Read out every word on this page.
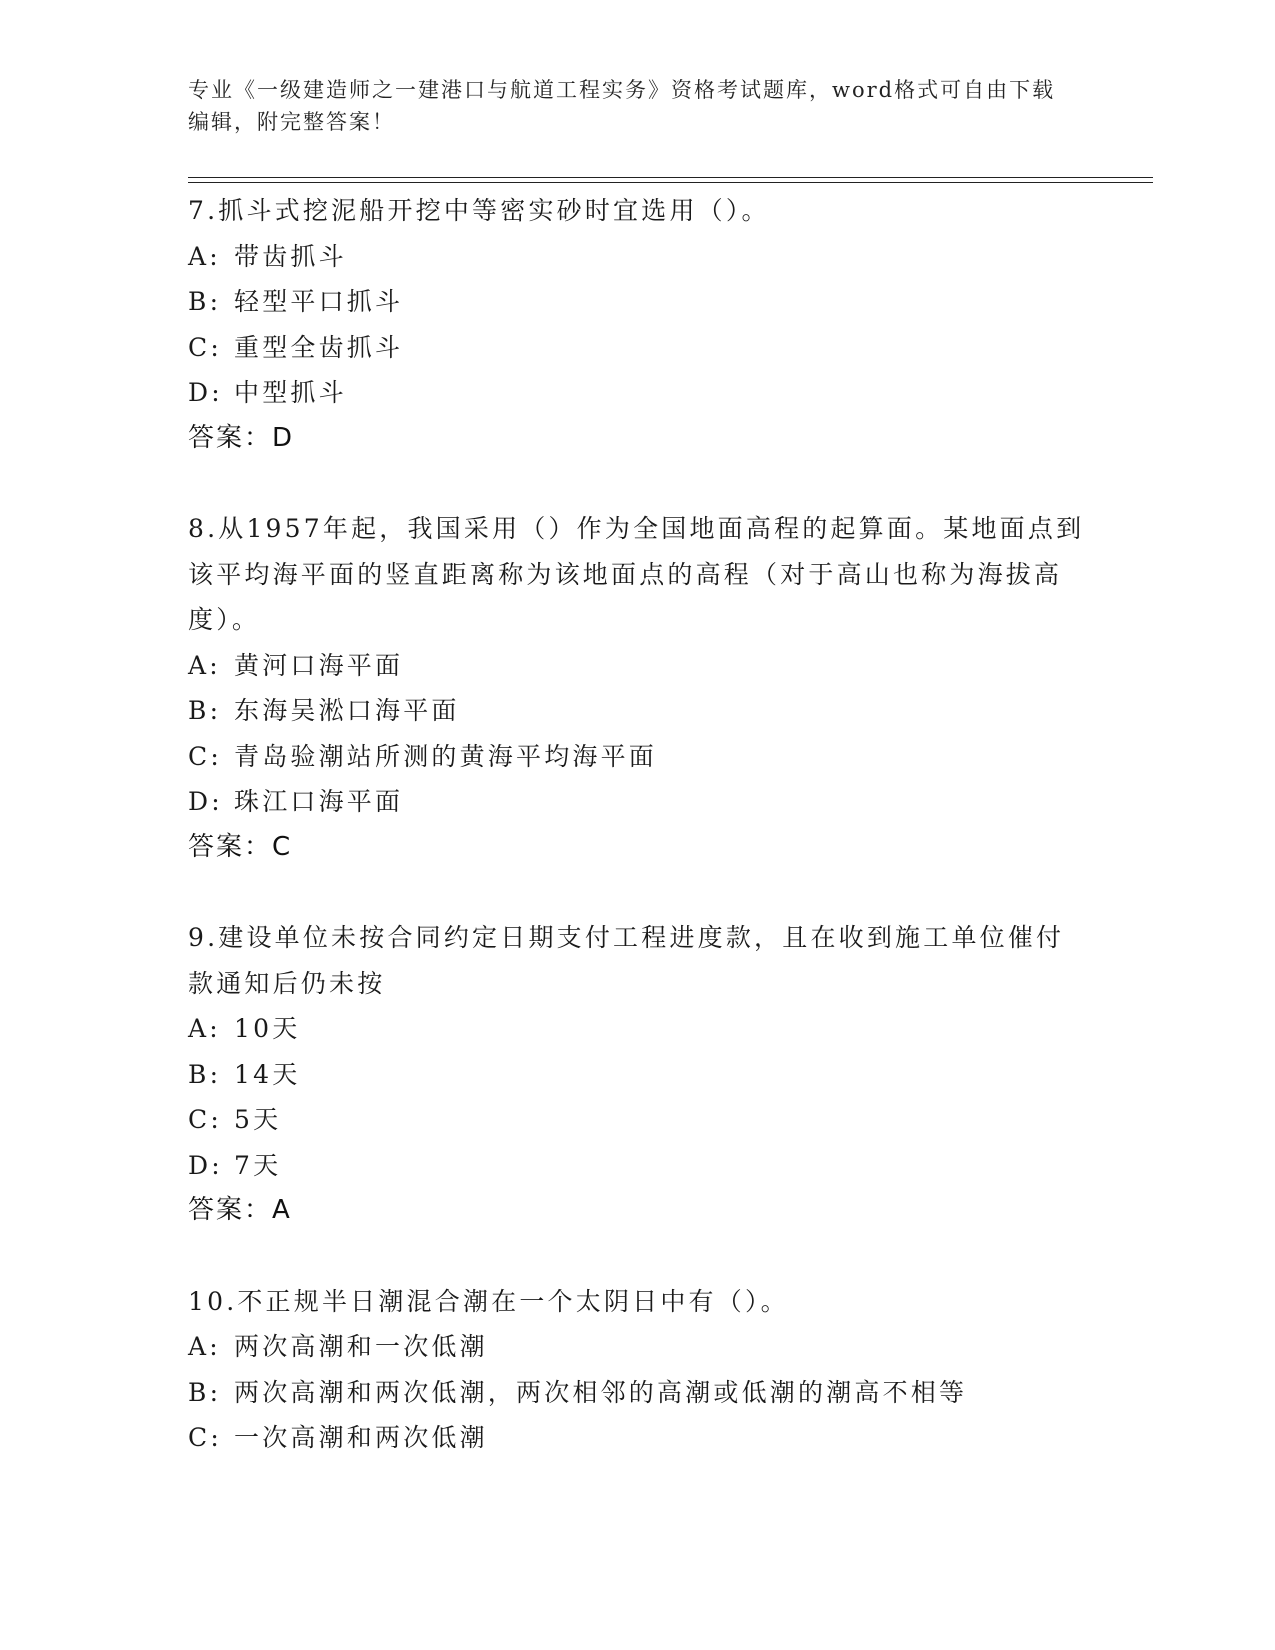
专业《一级建造师之一建港口与航道工程实务》资格考试题库，word格式可自由下载编辑，附完整答案！

7.抓斗式挖泥船开挖中等密实砂时宜选用（）。

A: 带齿抓斗

B: 轻型平口抓斗

C: 重型全齿抓斗

D: 中型抓斗

答案：D

8.从1957年起，我国采用（）作为全国地面高程的起算面。某地面点到该平均海平面的竖直距离称为该地面点的高程（对于高山也称为海拔高度）。

A: 黄河口海平面

B: 东海吴淞口海平面

C: 青岛验潮站所测的黄海平均海平面

D: 珠江口海平面

答案：C

9.建设单位未按合同约定日期支付工程进度款，且在收到施工单位催付款通知后仍未按

A: 10天

B: 14天

C: 5天

D: 7天

答案：A

10.不正规半日潮混合潮在一个太阴日中有（）。

A: 两次高潮和一次低潮

B: 两次高潮和两次低潮，两次相邻的高潮或低潮的潮高不相等

C: 一次高潮和两次低潮
